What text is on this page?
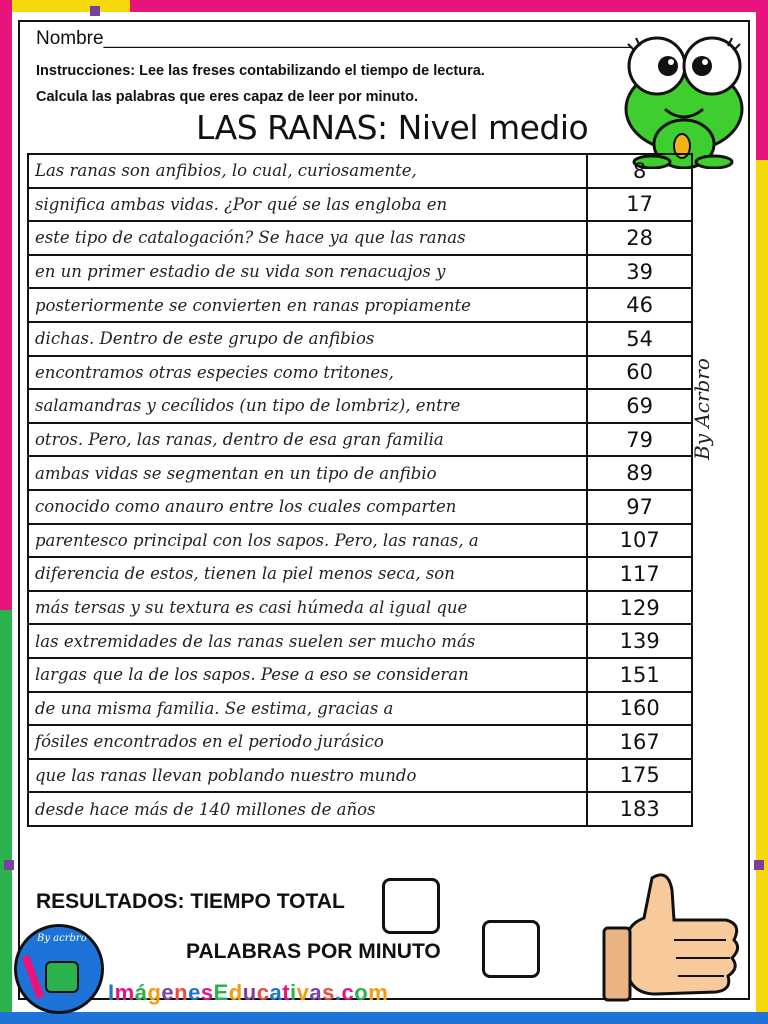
Nombre__________________________________________________
Instrucciones: Lee las freses contabilizando el tiempo de lectura.
Calcula las palabras que eres capaz de leer por minuto.
LAS RANAS: Nivel medio
Las ranas son anfibios, lo cual, curiosamente,	8
significa ambas vidas. ¿Por qué se las engloba en	17
este tipo de catalogación? Se hace ya que las ranas	28
en un primer estadio de su vida son renacuajos y	39
posteriormente se convierten en ranas propiamente	46
dichas. Dentro de este grupo de anfibios	54
encontramos otras especies como tritones,	60
salamandras y cecílidos (un tipo de lombriz), entre	69
otros. Pero, las ranas, dentro de esa gran familia	79
ambas vidas se segmentan en un tipo de anfibio	89
conocido como anauro entre los cuales comparten	97
parentesco principal con los sapos. Pero, las ranas, a	107
diferencia de estos, tienen la piel menos seca, son	117
más tersas y su textura es casi húmeda al igual que	129
las extremidades de las ranas suelen ser mucho más	139
largas que la de los sapos. Pese a eso se consideran	151
de una misma familia. Se estima, gracias a	160
fósiles encontrados en el periodo jurásico	167
que las ranas llevan poblando nuestro mundo	175
desde hace más de 140 millones de años	183
By Acrbro
RESULTADOS: TIEMPO TOTAL
PALABRAS POR MINUTO
By acrbro
ImágenesEducativas.com
